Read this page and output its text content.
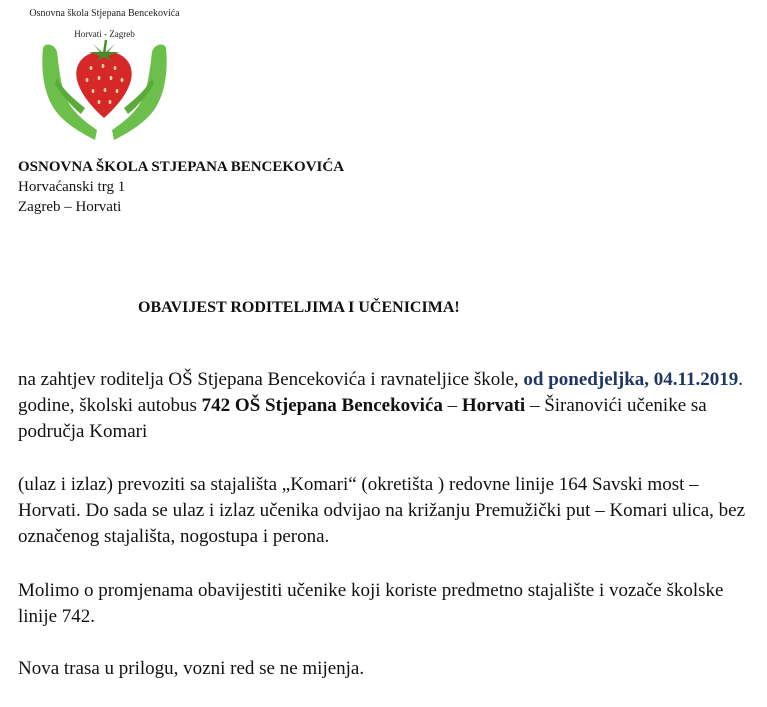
Osnovna škola Stjepana Bencekovića
Horvati - Zagreb
OSNOVNA ŠKOLA STJEPANA BENCEKOVIĆA
Horvaćanski trg 1
Zagreb – Horvati
OBAVIJEST RODITELJIMA I UČENICIMA!
na zahtjev roditelja OŠ Stjepana Bencekovića i ravnateljice škole, od ponedjeljka, 04.11.2019. godine, školski autobus 742 OŠ Stjepana Bencekovića – Horvati – Širanovići učenike sa područja Komari
(ulaz i izlaz) prevoziti sa stajališta „Komari“ (okretišta ) redovne linije 164 Savski most – Horvati. Do sada se ulaz i izlaz učenika odvijao na križanju Premužički put – Komari ulica, bez označenog stajališta, nogostupa i perona.
Molimo o promjenama obavijestiti učenike koji koriste predmetno stajalište i vozače školske linije 742.
Nova trasa u prilogu, vozni red se ne mijenja.
